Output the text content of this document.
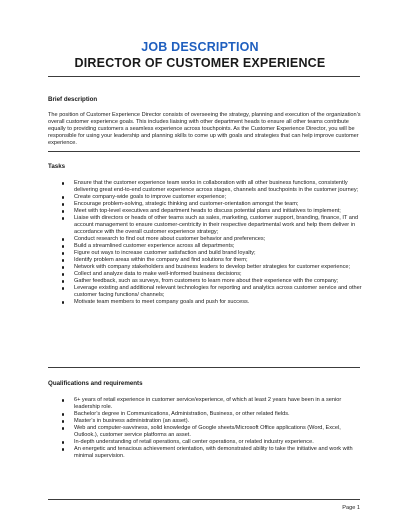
JOB DESCRIPTION
DIRECTOR OF CUSTOMER EXPERIENCE
Brief description

The position of Customer Experience Director consists of overseeing the strategy, planning and execution of the organization’s overall customer experience goals. This includes liaising with other department heads to ensure all other teams contribute equally to providing customers a seamless experience across touchpoints. As the Customer Experience Director, you will be responsible for using your leadership and planning skills to come up with goals and strategies that can help improve customer experience.

Tasks
Ensure that the customer experience team works in collaboration with all other business functions, consistently delivering great end-to-end customer experience across stages, channels and touchpoints in the customer journey;
Create company-wide goals to improve customer experience;
Encourage problem-solving, strategic thinking and customer-orientation amongst the team;
Meet with top-level executives and department heads to discuss potential plans and initiatives to implement;
Liaise with directors or heads of other teams such as sales, marketing, customer support, branding, finance, IT and account management to ensure customer-centricity in their respective departmental work and help them deliver in accordance with the overall customer experience strategy;
Conduct research to find out more about customer behavior and preferences;
Build a streamlined customer experience across all departments;
Figure out ways to increase customer satisfaction and build brand loyalty;
Identify problem areas within the company and find solutions for them;
Network with company stakeholders and business leaders to develop better strategies for customer experience;
Collect and analyze data to make well-informed business decisions;
Gather feedback, such as surveys, from customers to learn more about their experience with the company;
Leverage existing and additional relevant technologies for reporting and analytics across customer service and other customer facing functions/ channels;
Motivate team members to meet company goals and push for success.
Qualifications and requirements
6+ years of retail experience in customer service/experience, of which at least 2 years have been in a senior leadership role.
Bachelor’s degree in Communications, Administration, Business, or other related fields.
Master’s in business administration (an asset).
Web and computer-savviness, solid knowledge of Google sheets/Microsoft Office applications (Word, Excel, Outlook.), customer service platforms an asset.
In-depth understanding of retail operations, call center operations, or related industry experience.
An energetic and tenacious achievement orientation, with demonstrated ability to take the initiative and work with minimal supervision.
Page 1
